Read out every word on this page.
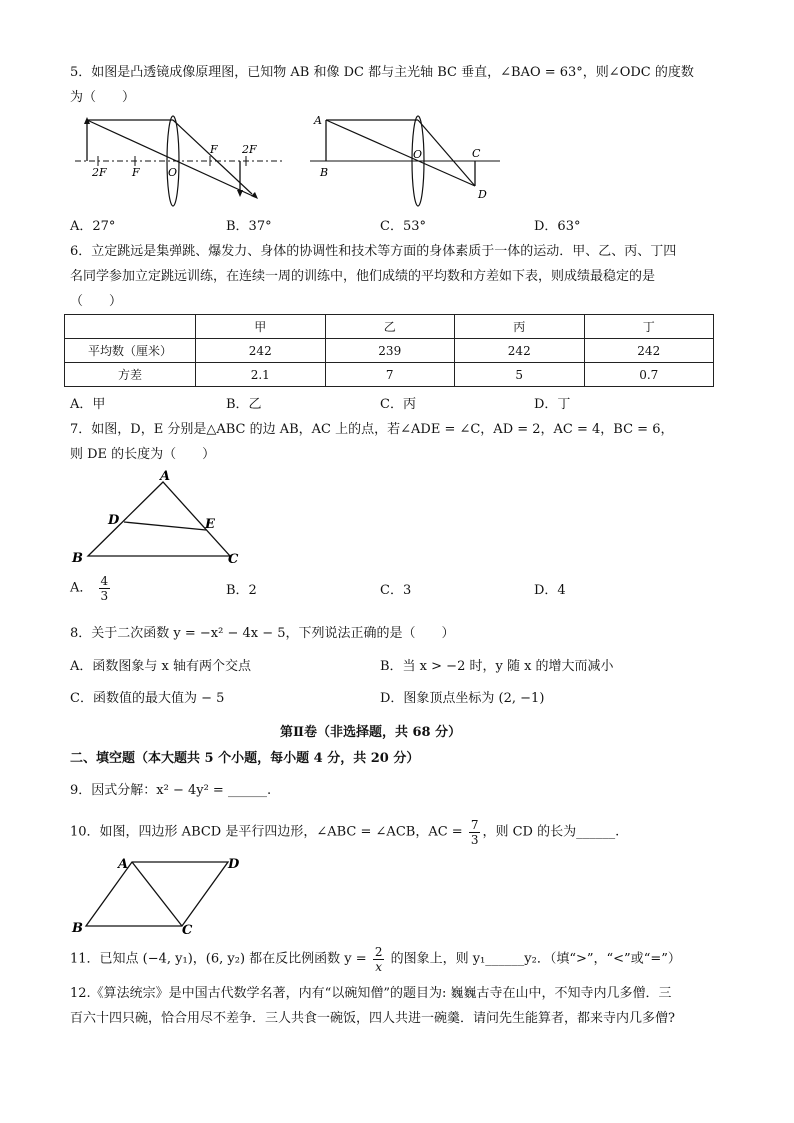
5．如图是凸透镜成像原理图，已知物 AB 和像 DC 都与主光轴 BC 垂直，∠BAO = 63°，则∠ODC 的度数
为（　　）
2F F	O
F 2F
A
B
O	C
D
A．27°	B．37°	C．53°	D．63°
6．立定跳远是集弹跳、爆发力、身体的协调性和技术等方面的身体素质于一体的运动．甲、乙、丙、丁四
名同学参加立定跳远训练，在连续一周的训练中，他们成绩的平均数和方差如下表，则成绩最稳定的是
（　　）
	甲	乙	丙	丁
平均数（厘米）	242	239	242	242
方差	2.1	7	5	0.7
A．甲	B．乙	C．丙	D．丁
7．如图，D，E 分别是△ABC 的边 AB，AC 上的点，若∠ADE = ∠C，AD = 2，AC = 4，BC = 6，
则 DE 的长度为（　　）
A
D	E
B	C
A． $\frac{4}{3}$	B．2	C．3	D．4
8．关于二次函数 y = −x² − 4x − 5，下列说法正确的是（　　）
A．函数图象与 x 轴有两个交点	B．当 x > −2 时，y 随 x 的增大而减小
C．函数值的最大值为 − 5	D．图象顶点坐标为 (2, −1)
第Ⅱ卷（非选择题，共 68 分）
二、填空题（本大题共 5 个小题，每小题 4 分，共 20 分）
9．因式分解：x² − 4y² = ______.
10．如图，四边形 ABCD 是平行四边形，∠ABC = ∠ACB，AC = $\frac{7}{3}$ ，则 CD 的长为______.
A	D
B	C
11．已知点 (−4, y₁)，(6, y₂) 都在反比例函数 $y = \frac{2}{x}$ 的图象上，则 y₁______y₂．（填“>”，“<”或“=”）
12.《算法统宗》是中国古代数学名著，内有“以碗知僧”的题目为: 巍巍古寺在山中，不知寺内几多僧．三
百六十四只碗，恰合用尽不差争．三人共食一碗饭，四人共进一碗羹．请问先生能算者，都来寺内几多僧?
